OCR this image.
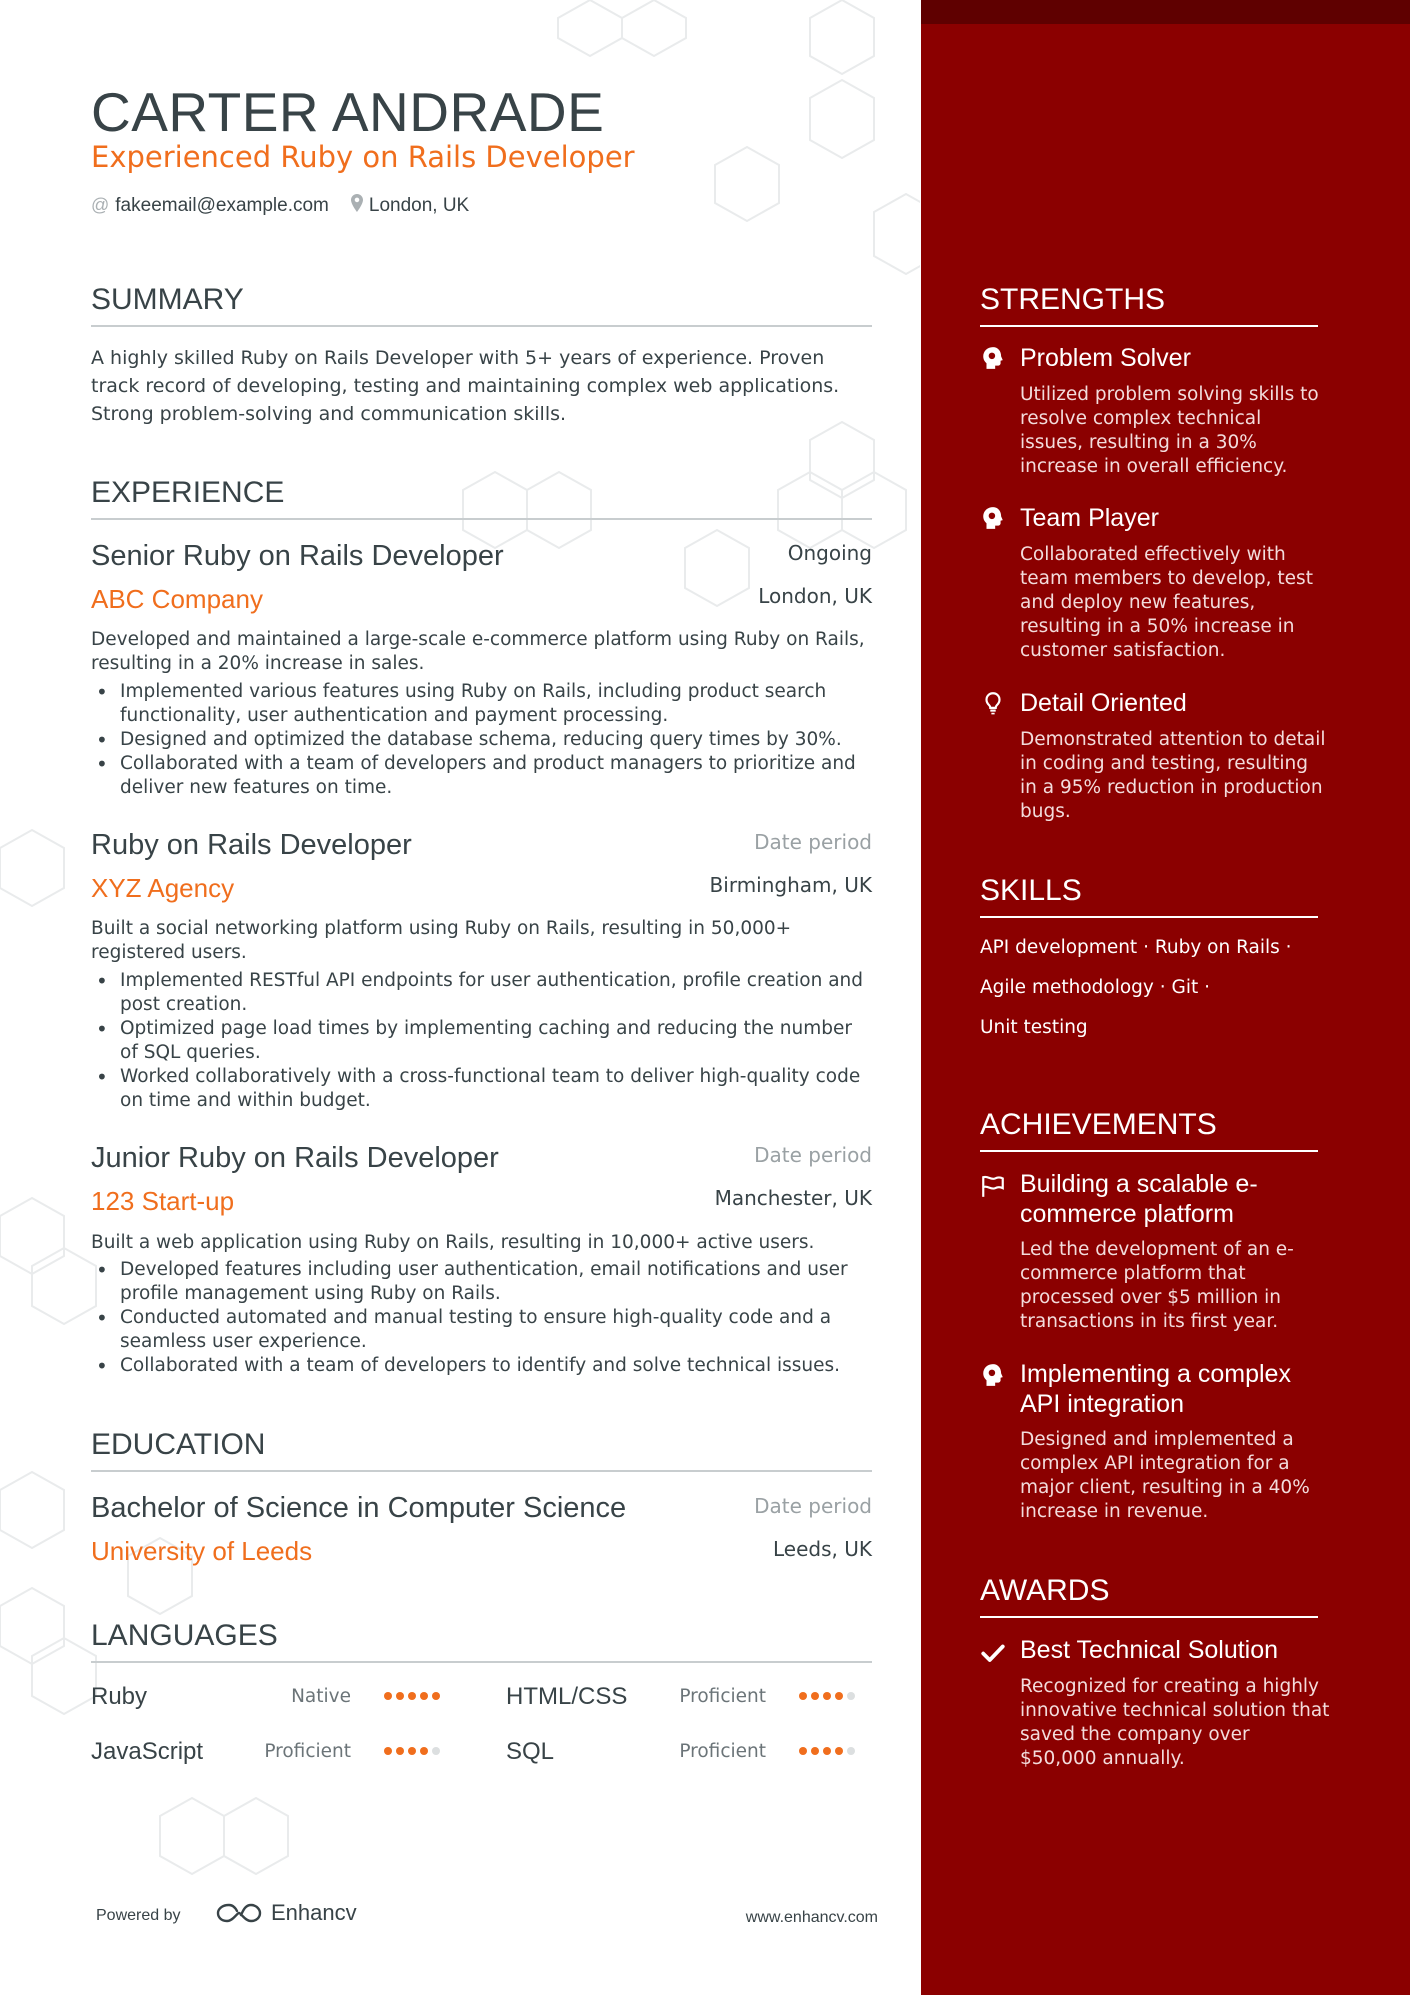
CARTER ANDRADE
Experienced Ruby on Rails Developer
@ fakeemail@example.com London, UK
SUMMARY
A highly skilled Ruby on Rails Developer with 5+ years of experience. Proven track record of developing, testing and maintaining complex web applications. Strong problem-solving and communication skills.
EXPERIENCE
Senior Ruby on Rails Developer	Ongoing
ABC Company	London, UK
Developed and maintained a large-scale e-commerce platform using Ruby on Rails, resulting in a 20% increase in sales.
• Implemented various features using Ruby on Rails, including product search functionality, user authentication and payment processing.
• Designed and optimized the database schema, reducing query times by 30%.
• Collaborated with a team of developers and product managers to prioritize and deliver new features on time.
Ruby on Rails Developer	Date period
XYZ Agency	Birmingham, UK
Built a social networking platform using Ruby on Rails, resulting in 50,000+ registered users.
• Implemented RESTful API endpoints for user authentication, profile creation and post creation.
• Optimized page load times by implementing caching and reducing the number of SQL queries.
• Worked collaboratively with a cross-functional team to deliver high-quality code on time and within budget.
Junior Ruby on Rails Developer	Date period
123 Start-up	Manchester, UK
Built a web application using Ruby on Rails, resulting in 10,000+ active users.
• Developed features including user authentication, email notifications and user profile management using Ruby on Rails.
• Conducted automated and manual testing to ensure high-quality code and a seamless user experience.
• Collaborated with a team of developers to identify and solve technical issues.
EDUCATION
Bachelor of Science in Computer Science	Date period
University of Leeds	Leeds, UK
LANGUAGES
Ruby	Native	HTML/CSS	Proficient
JavaScript	Proficient	SQL	Proficient
Powered by	Enhancv	www.enhancv.com
STRENGTHS
Problem Solver
Utilized problem solving skills to resolve complex technical issues, resulting in a 30% increase in overall efficiency.
Team Player
Collaborated effectively with team members to develop, test and deploy new features, resulting in a 50% increase in customer satisfaction.
Detail Oriented
Demonstrated attention to detail in coding and testing, resulting in a 95% reduction in production bugs.
SKILLS
API development · Ruby on Rails ·
Agile methodology · Git ·
Unit testing
ACHIEVEMENTS
Building a scalable e-
commerce platform
Led the development of an e-commerce platform that processed over $5 million in transactions in its first year.
Implementing a complex
API integration
Designed and implemented a complex API integration for a major client, resulting in a 40% increase in revenue.
AWARDS
Best Technical Solution
Recognized for creating a highly innovative technical solution that saved the company over $50,000 annually.
